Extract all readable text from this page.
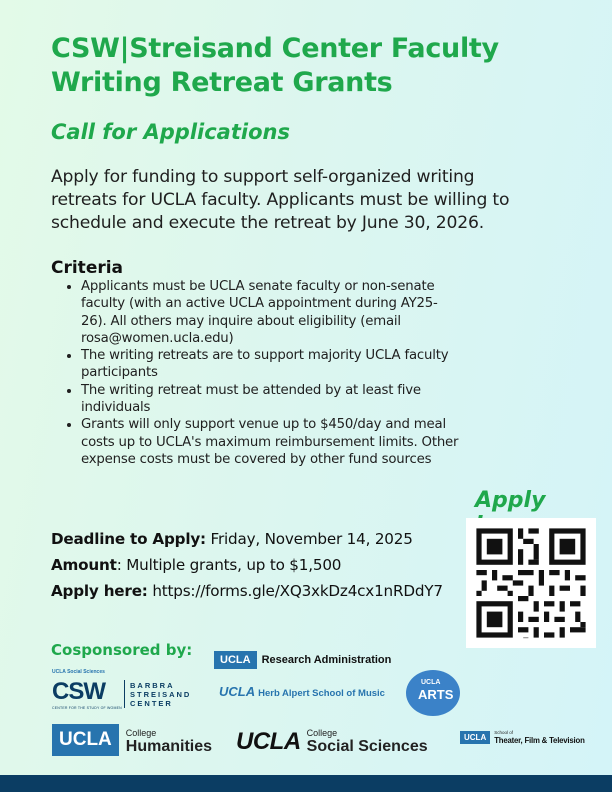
CSW|Streisand Center Faculty Writing Retreat Grants
Call for Applications
Apply for funding to support self-organized writing retreats for UCLA faculty. Applicants must be willing to schedule and execute the retreat by June 30, 2026.
Criteria
• Applicants must be UCLA senate faculty or non-senate faculty (with an active UCLA appointment during AY25-26). All others may inquire about eligibility (email rosa@women.ucla.edu)
• The writing retreats are to support majority UCLA faculty participants
• The writing retreat must be attended by at least five individuals
• Grants will only support venue up to $450/day and meal costs up to UCLA's maximum reimbursement limits. Other expense costs must be covered by other fund sources
Deadline to Apply: Friday, November 14, 2025
Amount: Multiple grants, up to $1,500
Apply here: https://forms.gle/XQ3xkDz4cx1nRDdY7
Apply
Cosponsored by:
UCLA Social Sciences
CSW
CENTER FOR THE STUDY OF WOMEN
BARBRA
STREISAND
CENTER
UCLA	Research Administration
UCLA Herb Alpert School of Music
UCLA
ARTS
UCLA	College
Humanities UCLA College
Social Sciences
UCLA	School of
Theater, Film & Television
